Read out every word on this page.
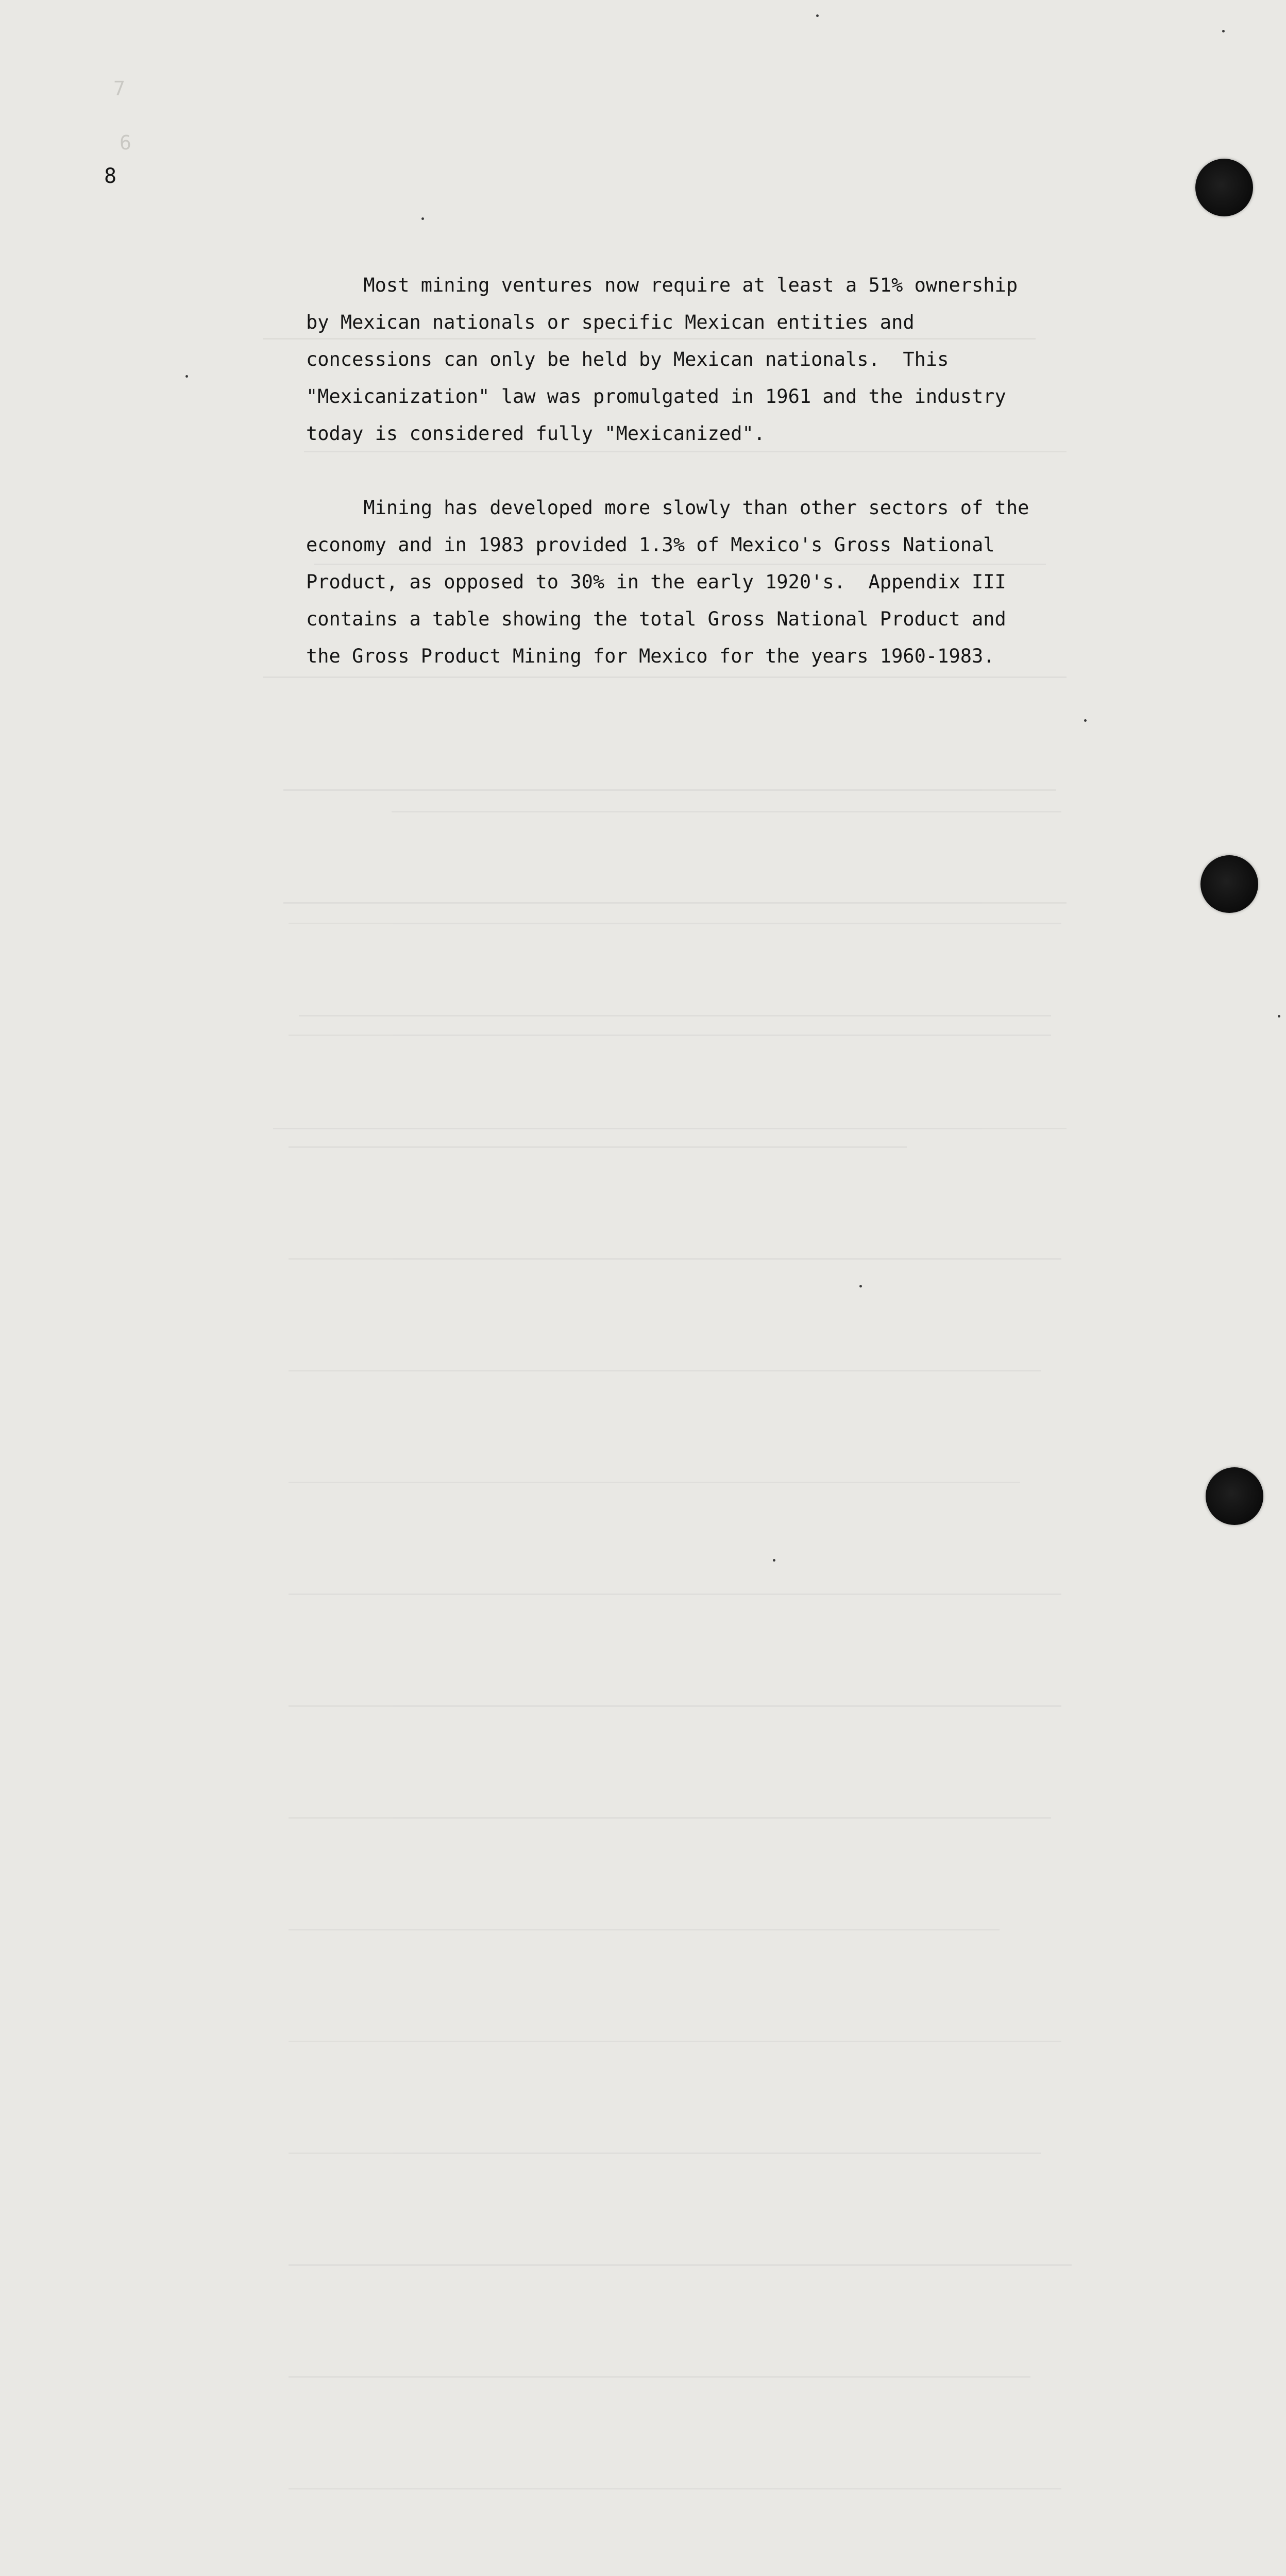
7
6
8

Most mining ventures now require at least a 51% ownership
by Mexican nationals or specific Mexican entities and
concessions can only be held by Mexican nationals.  This
"Mexicanization" law was promulgated in 1961 and the industry
today is considered fully "Mexicanized".

Mining has developed more slowly than other sectors of the
economy and in 1983 provided 1.3% of Mexico's Gross National
Product, as opposed to 30% in the early 1920's.  Appendix III
contains a table showing the total Gross National Product and
the Gross Product Mining for Mexico for the years 1960-1983.
